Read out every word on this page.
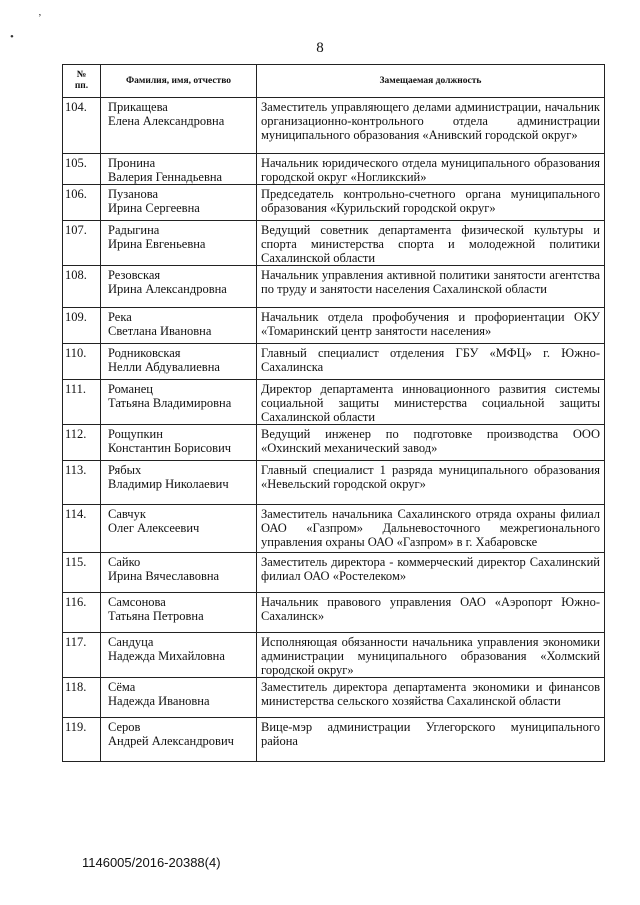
‚
•
8
№
пп.	Фамилия, имя, отчество	Замещаемая должность
104.	Прикащева
Елена Александровна	Заместитель управляющего делами администрации, начальник организационно-контрольного отдела администрации муниципального образования «Анивский городской округ»
105.	Пронина
Валерия Геннадьевна	Начальник юридического отдела муниципального образования городской округ «Ногликский»
106.	Пузанова
Ирина Сергеевна	Председатель контрольно-счетного органа муниципального образования «Курильский городской округ»
107.	Радыгина
Ирина Евгеньевна	Ведущий советник департамента физической культуры и спорта министерства спорта и молодежной политики Сахалинской области
108.	Резовская
Ирина Александровна	Начальник управления активной политики занятости агентства по труду и занятости населения Сахалинской области
109.	Река
Светлана Ивановна	Начальник отдела профобучения и профориентации ОКУ «Томаринский центр занятости населения»
110.	Родниковская
Нелли Абдувалиевна	Главный специалист отделения ГБУ «МФЦ» г. Южно-Сахалинска
111.	Романец
Татьяна Владимировна	Директор департамента инновационного развития системы социальной защиты министерства социальной защиты Сахалинской области
112.	Рощупкин
Константин Борисович	Ведущий инженер по подготовке производства ООО «Охинский механический завод»
113.	Рябых
Владимир Николаевич	Главный специалист 1 разряда муниципального образования «Невельский городской округ»
114.	Савчук
Олег Алексеевич	Заместитель начальника Сахалинского отряда охраны филиал ОАО «Газпром» Дальневосточного межрегионального управления охраны ОАО «Газпром» в г. Хабаровске
115.	Сайко
Ирина Вячеславовна	Заместитель директора - коммерческий директор Сахалинский филиал ОАО «Ростелеком»
116.	Самсонова
Татьяна Петровна	Начальник правового управления ОАО «Аэропорт Южно-Сахалинск»
117.	Сандуца
Надежда Михайловна	Исполняющая обязанности начальника управления экономики администрации муниципального образования «Холмский городской округ»
118.	Сёма
Надежда Ивановна	Заместитель директора департамента экономики и финансов министерства сельского хозяйства Сахалинской области
119.	Серов
Андрей Александрович	Вице-мэр администрации Углегорского муниципального района
1146005/2016-20388(4)
